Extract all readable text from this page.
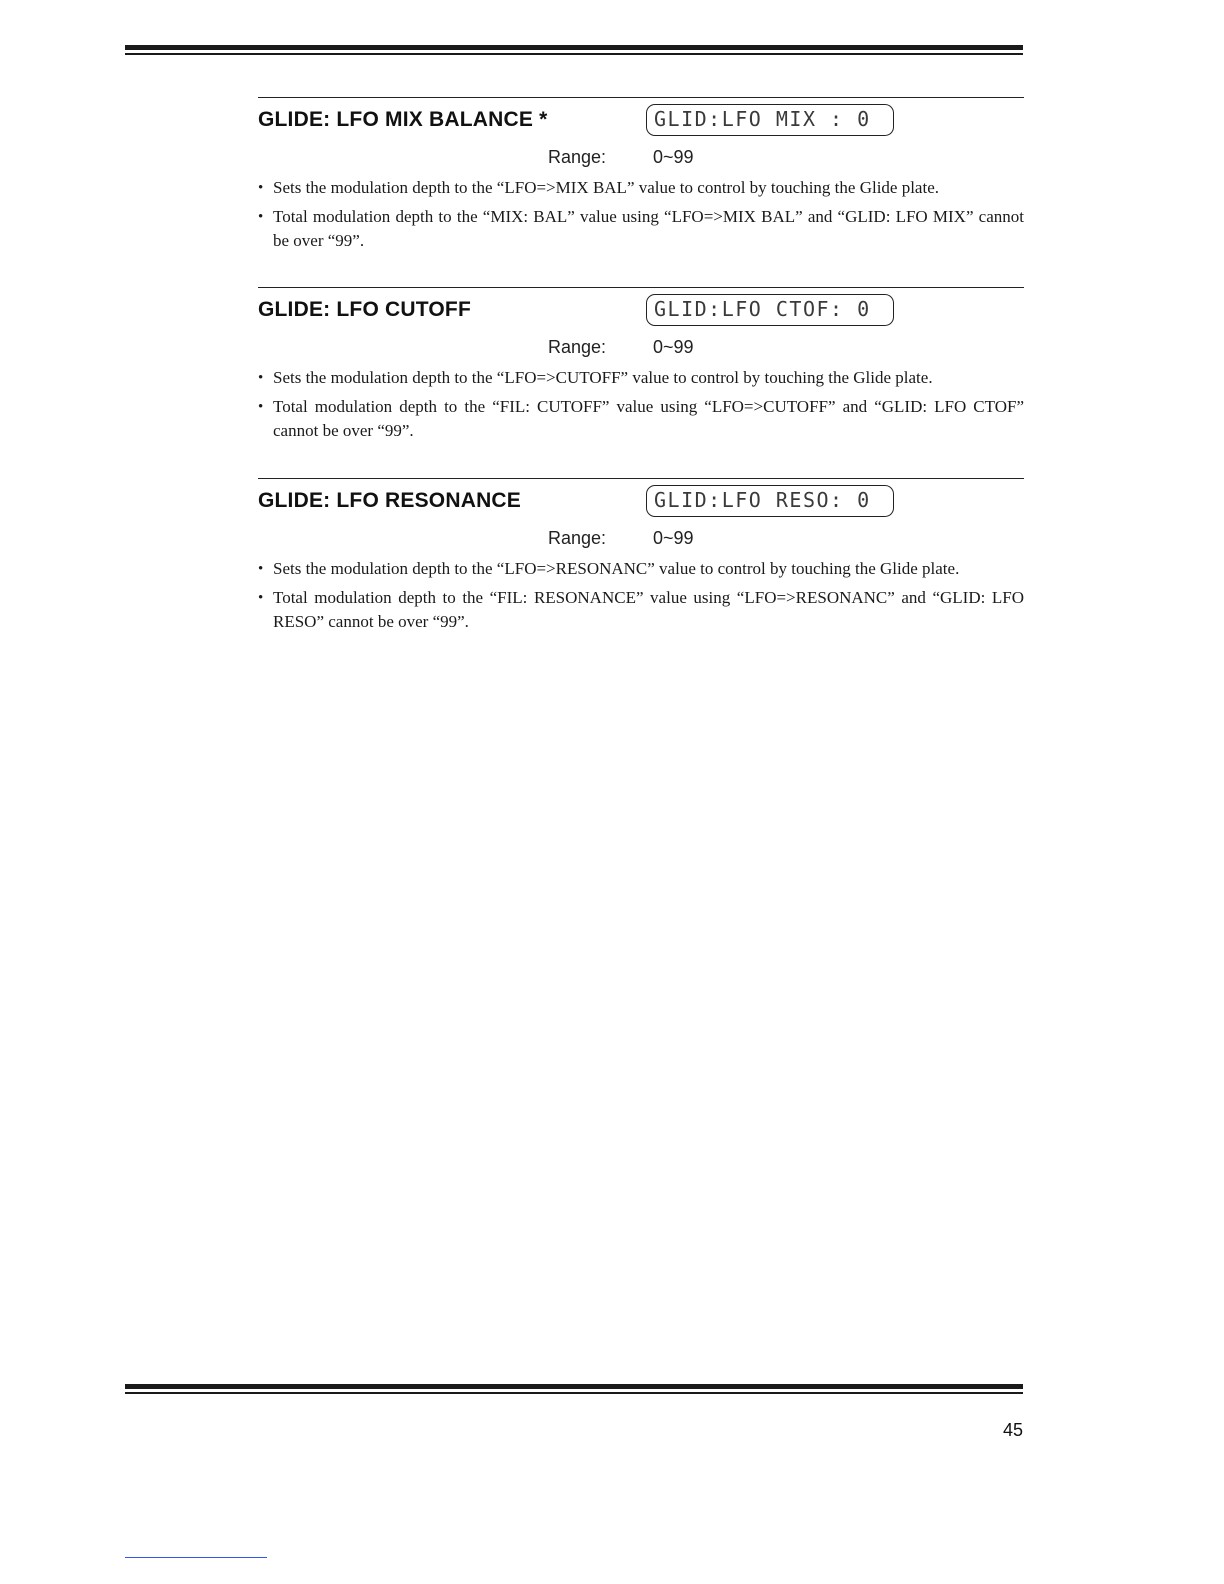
GLIDE: LFO MIX BALANCE *	GLID:LFO MIX : 0
Range:	0~99
• Sets the modulation depth to the “LFO=>MIX BAL” value to control by touching the Glide plate.
• Total modulation depth to the “MIX: BAL” value using “LFO=>MIX BAL” and “GLID: LFO MIX” cannot be over “99”.
GLIDE: LFO CUTOFF	GLID:LFO CTOF: 0
Range:	0~99
• Sets the modulation depth to the “LFO=>CUTOFF” value to control by touching the Glide plate.
• Total modulation depth to the “FIL: CUTOFF” value using “LFO=>CUTOFF” and “GLID: LFO CTOF” cannot be over “99”.
GLIDE: LFO RESONANCE	GLID:LFO RESO: 0
Range:	0~99
• Sets the modulation depth to the “LFO=>RESONANC” value to control by touching the Glide plate.
• Total modulation depth to the “FIL: RESONANCE” value using “LFO=>RESONANC” and “GLID: LFO RESO” cannot be over “99”.
45
